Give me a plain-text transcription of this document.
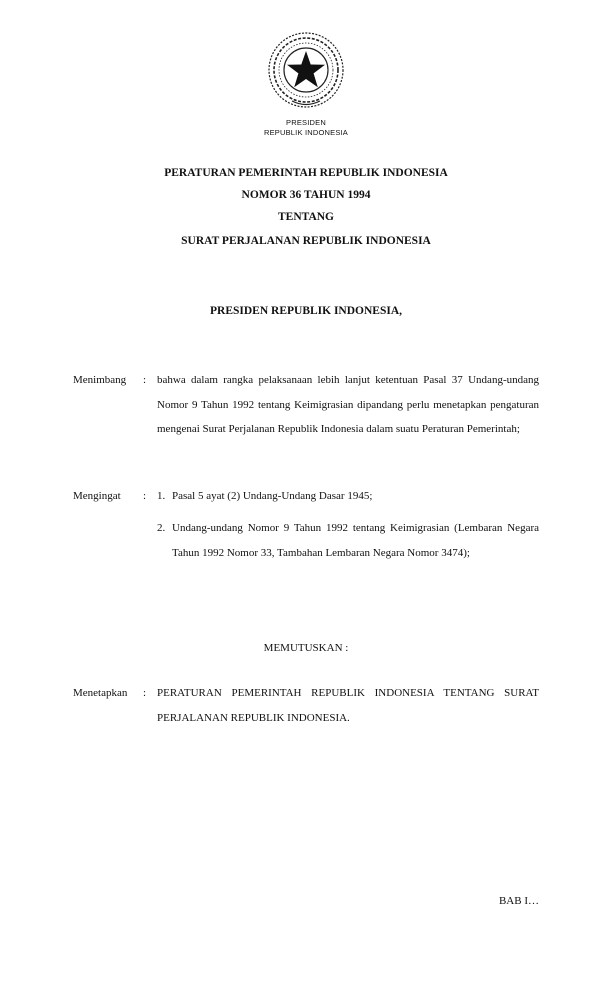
PRESIDEN
REPUBLIK INDONESIA
PERATURAN PEMERINTAH REPUBLIK INDONESIA
NOMOR 36 TAHUN 1994
TENTANG
SURAT PERJALANAN REPUBLIK INDONESIA
PRESIDEN REPUBLIK INDONESIA,
Menimbang : bahwa dalam rangka pelaksanaan lebih lanjut ketentuan Pasal 37 Undang-undang Nomor 9 Tahun 1992 tentang Keimigrasian dipandang perlu menetapkan pengaturan mengenai Surat Perjalanan Republik Indonesia dalam suatu Peraturan Pemerintah;
Mengingat : 1. Pasal 5 ayat (2) Undang-Undang Dasar 1945;
2. Undang-undang Nomor 9 Tahun 1992 tentang Keimigrasian (Lembaran Negara Tahun 1992 Nomor 33, Tambahan Lembaran Negara Nomor 3474);
MEMUTUSKAN :
Menetapkan : PERATURAN PEMERINTAH REPUBLIK INDONESIA TENTANG SURAT PERJALANAN REPUBLIK INDONESIA.
BAB I…
